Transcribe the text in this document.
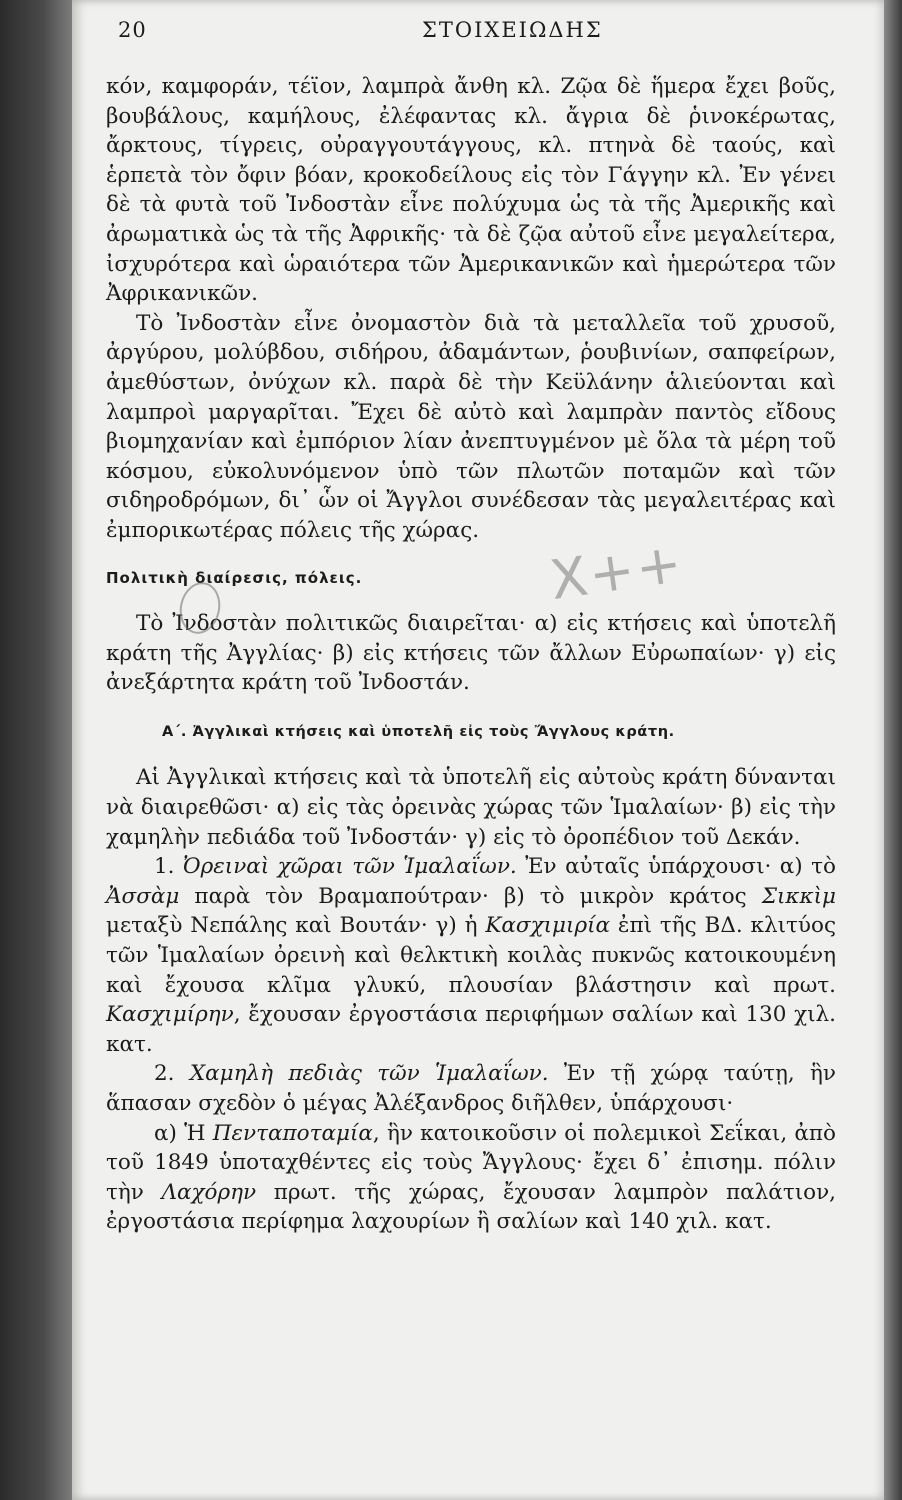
20	ΣΤΟΙΧΕΙΩΔΗΣ

κόν, καμφοράν, τέϊον, λαμπρὰ ἄνθη κλ. Ζῷα δὲ ἥμερα ἔχει βοῦς, βουβάλους, καμήλους, ἐλέφαντας κλ. ἄγρια δὲ ῥινοκέρωτας, ἄρκτους, τίγρεις, οὐραγγουτάγγους, κλ. πτηνὰ δὲ ταούς, καὶ ἑρπετὰ τὸν ὄφιν βόαν, κροκοδείλους εἰς τὸν Γάγγην κλ. Ἐν γένει δὲ τὰ φυτὰ τοῦ Ἰνδοστὰν εἶνε πολύχυμα ὡς τὰ τῆς Ἀμερικῆς καὶ ἀρωματικὰ ὡς τὰ τῆς Ἀφρικῆς· τὰ δὲ ζῷα αὐτοῦ εἶνε μεγαλείτερα, ἰσχυρότερα καὶ ὡραιότερα τῶν Ἀμερικανικῶν καὶ ἡμερώτερα τῶν Ἀφρικανικῶν.

Τὸ Ἰνδοστὰν εἶνε ὀνομαστὸν διὰ τὰ μεταλλεῖα τοῦ χρυσοῦ, ἀργύρου, μολύβδου, σιδήρου, ἀδαμάντων, ῥουβινίων, σαπφείρων, ἀμεθύστων, ὀνύχων κλ. παρὰ δὲ τὴν Κεϋλάνην ἁλιεύονται καὶ λαμπροὶ μαργαρῖται. Ἔχει δὲ αὐτὸ καὶ λαμπρὰν παντὸς εἴδους βιομηχανίαν καὶ ἐμπόριον λίαν ἀνεπτυγμένον μὲ ὅλα τὰ μέρη τοῦ κόσμου, εὐκολυνόμενον ὑπὸ τῶν πλωτῶν ποταμῶν καὶ τῶν σιδηροδρόμων, δι᾽ ὧν οἱ Ἄγγλοι συνέδεσαν τὰς μεγαλειτέρας καὶ ἐμπορικωτέρας πόλεις τῆς χώρας.

Πολιτικὴ διαίρεσις, πόλεις.

Τὸ Ἰνδοστὰν πολιτικῶς διαιρεῖται· α) εἰς κτήσεις καὶ ὑποτελῆ κράτη τῆς Ἀγγλίας· β) εἰς κτήσεις τῶν ἄλλων Εὐρωπαίων· γ) εἰς ἀνεξάρτητα κράτη τοῦ Ἰνδοστάν.

Α΄. Ἀγγλικαὶ κτήσεις καὶ ὑποτελῆ εἰς τοὺς Ἄγγλους κράτη.

Αἱ Ἀγγλικαὶ κτήσεις καὶ τὰ ὑποτελῆ εἰς αὐτοὺς κράτη δύνανται νὰ διαιρεθῶσι· α) εἰς τὰς ὀρεινὰς χώρας τῶν Ἱμαλαίων· β) εἰς τὴν χαμηλὴν πεδιάδα τοῦ Ἰνδοστάν· γ) εἰς τὸ ὀροπέδιον τοῦ Δεκάν.

1. Ὀρειναὶ χῶραι τῶν Ἱμαλαΐων. Ἐν αὐταῖς ὑπάρχουσι· α) τὸ Ἀσσὰμ παρὰ τὸν Βραμαπούτραν· β) τὸ μικρὸν κράτος Σικκὶμ μεταξὺ Νεπάλης καὶ Βουτάν· γ) ἡ Κασχιμιρία ἐπὶ τῆς ΒΔ. κλιτύος τῶν Ἱμαλαίων ὀρεινὴ καὶ θελκτικὴ κοιλὰς πυκνῶς κατοικουμένη καὶ ἔχουσα κλῖμα γλυκύ, πλουσίαν βλάστησιν καὶ πρωτ. Κασχιμίρην, ἔχουσαν ἐργοστάσια περιφήμων σαλίων καὶ 130 χιλ. κατ.

2. Χαμηλὴ πεδιὰς τῶν Ἱμαλαΐων. Ἐν τῇ χώρᾳ ταύτῃ, ἣν ἅπασαν σχεδὸν ὁ μέγας Ἀλέξανδρος διῆλθεν, ὑπάρχουσι·

α) Ἡ Πενταποταμία, ἣν κατοικοῦσιν οἱ πολεμικοὶ Σεΐκαι, ἀπὸ τοῦ 1849 ὑποταχθέντες εἰς τοὺς Ἄγγλους· ἔχει δ᾽ ἐπισημ. πόλιν τὴν Λαχόρην πρωτ. τῆς χώρας, ἔχουσαν λαμπρὸν παλάτιον, ἐργοστάσια περίφημα λαχουρίων ἢ σαλίων καὶ 140 χιλ. κατ.

Χ++
